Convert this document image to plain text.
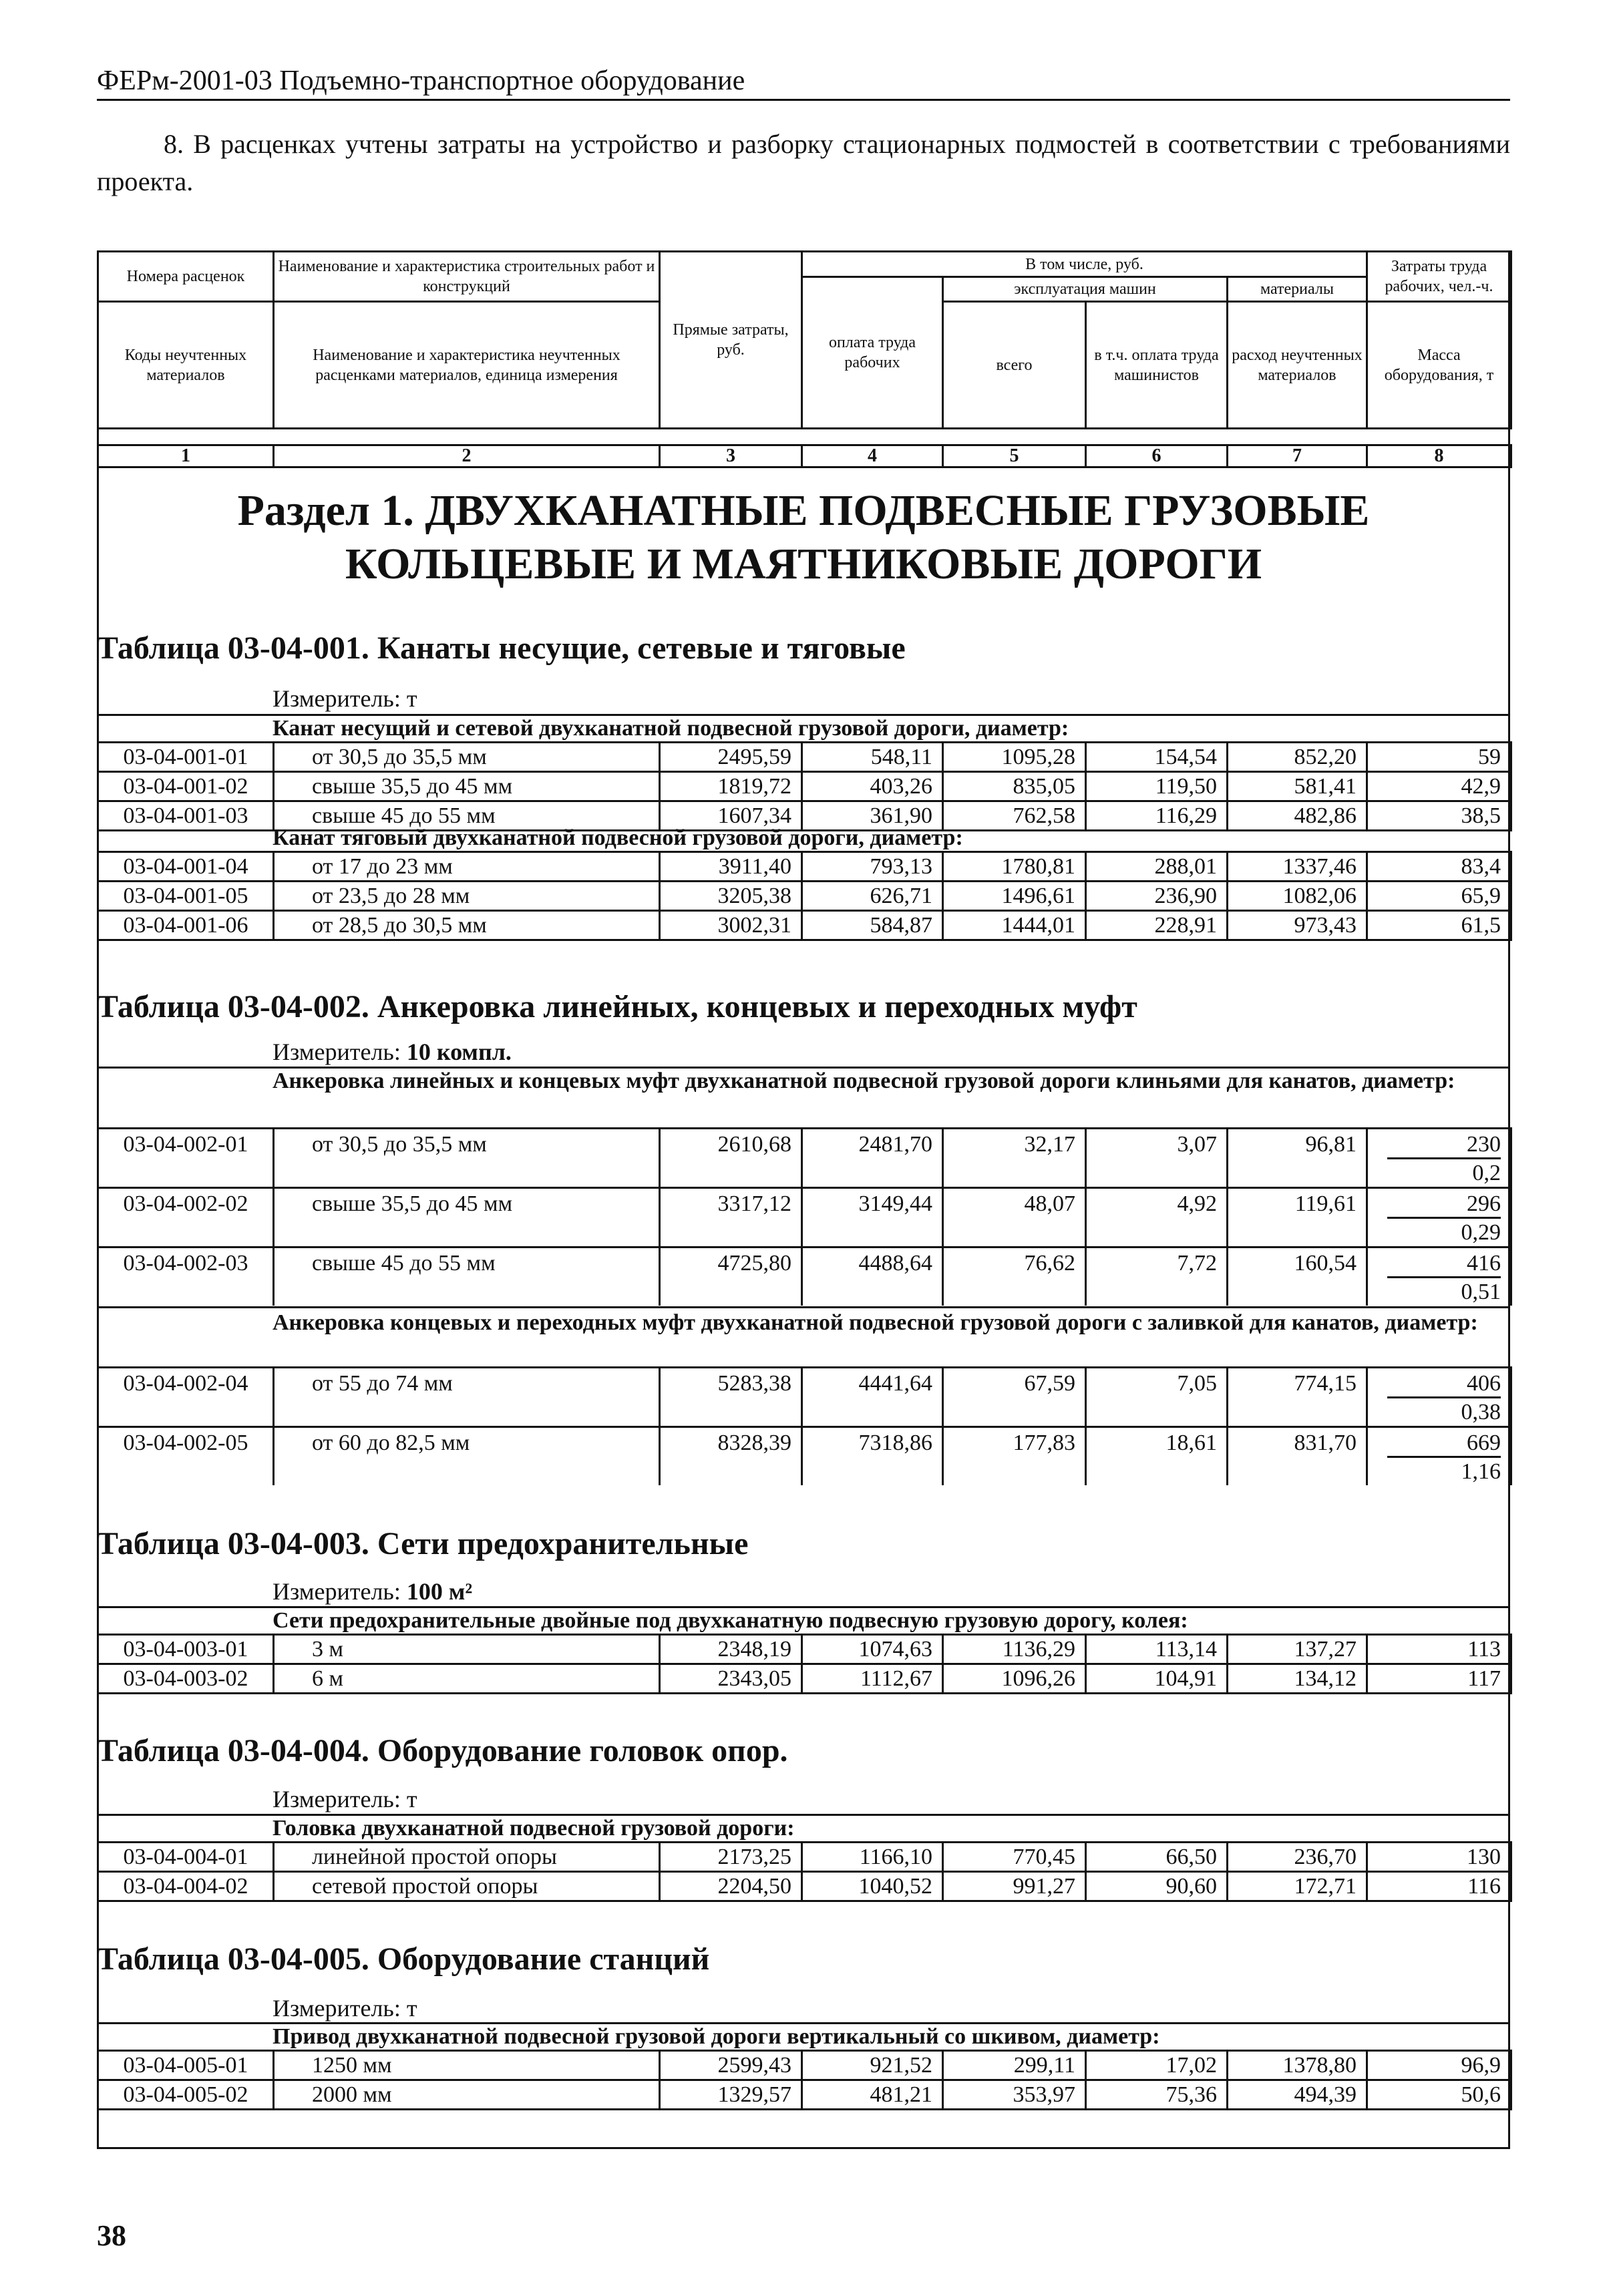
ФЕРм-2001-03 Подъемно-транспортное оборудование
8. В расценках учтены затраты на устройство и разборку стационарных подмостей в соответствии с требованиями проекта.
Номера расценок	Наименование и характеристика строительных работ и конструкций	Прямые затраты, руб.	В том числе, руб.				Затраты труда рабочих, чел.-ч.
			оплата труда рабочих	эксплуатация машин		материалы	
Коды неучтенных материалов	Наименование и характеристика неучтенных расценками материалов, единица измерения			всего	в т.ч. оплата труда машинистов	расход неучтенных материалов	Масса оборудования, т
1	2	3	4	5	6	7	8
Раздел 1. ДВУХКАНАТНЫЕ ПОДВЕСНЫЕ ГРУЗОВЫЕ КОЛЬЦЕВЫЕ И МАЯТНИКОВЫЕ ДОРОГИ
Таблица 03-04-001. Канаты несущие, сетевые и тяговые
Измеритель: т
Канат несущий и сетевой двухканатной подвесной грузовой дороги, диаметр:
03-04-001-01	от 30,5 до 35,5 мм	2495,59	548,11	1095,28	154,54	852,20	59
03-04-001-02	свыше 35,5 до 45 мм	1819,72	403,26	835,05	119,50	581,41	42,9
03-04-001-03	свыше 45 до 55 мм	1607,34	361,90	762,58	116,29	482,86	38,5
Канат тяговый двухканатной подвесной грузовой дороги, диаметр:
03-04-001-04	от 17 до 23 мм	3911,40	793,13	1780,81	288,01	1337,46	83,4
03-04-001-05	от 23,5 до 28 мм	3205,38	626,71	1496,61	236,90	1082,06	65,9
03-04-001-06	от 28,5 до 30,5 мм	3002,31	584,87	1444,01	228,91	973,43	61,5
Таблица 03-04-002. Анкеровка линейных, концевых и переходных муфт
Измеритель: 10 компл.
Анкеровка линейных и концевых муфт двухканатной подвесной грузовой дороги клиньями для канатов, диаметр:
03-04-002-01	от 30,5 до 35,5 мм	2610,68	2481,70	32,17	3,07	96,81	230
0,2

03-04-002-02	свыше 35,5 до 45 мм	3317,12	3149,44	48,07	4,92	119,61	296
0,29

03-04-002-03	свыше 45 до 55 мм	4725,80	4488,64	76,62	7,72	160,54	416
0,51
Анкеровка концевых и переходных муфт двухканатной подвесной грузовой дороги с заливкой для канатов, диаметр:
03-04-002-04	от 55 до 74 мм	5283,38	4441,64	67,59	7,05	774,15	406
0,38

03-04-002-05	от 60 до 82,5 мм	8328,39	7318,86	177,83	18,61	831,70	669
1,16
Таблица 03-04-003. Сети предохранительные
Измеритель: 100 м²
Сети предохранительные двойные под двухканатную подвесную грузовую дорогу, колея:
03-04-003-01	3 м	2348,19	1074,63	1136,29	113,14	137,27	113
03-04-003-02	6 м	2343,05	1112,67	1096,26	104,91	134,12	117
Таблица 03-04-004. Оборудование головок опор.
Измеритель: т
Головка двухканатной подвесной грузовой дороги:
03-04-004-01	линейной простой опоры	2173,25	1166,10	770,45	66,50	236,70	130
03-04-004-02	сетевой простой опоры	2204,50	1040,52	991,27	90,60	172,71	116
Таблица 03-04-005. Оборудование станций
Измеритель: т
Привод двухканатной подвесной грузовой дороги вертикальный со шкивом, диаметр:
03-04-005-01	1250 мм	2599,43	921,52	299,11	17,02	1378,80	96,9
03-04-005-02	2000 мм	1329,57	481,21	353,97	75,36	494,39	50,6
38
